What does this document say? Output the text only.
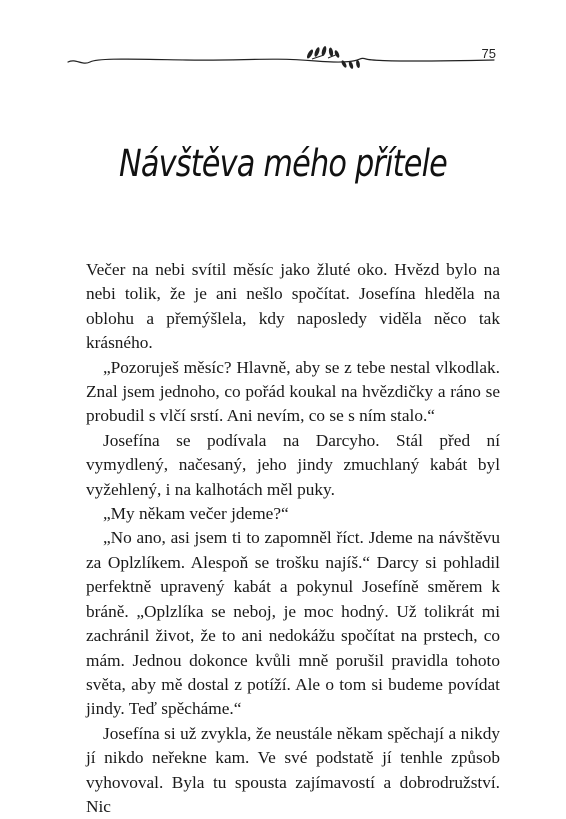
75
Návštěva mého přítele

Večer na nebi svítil měsíc jako žluté oko. Hvězd bylo na nebi tolik, že je ani nešlo spočítat. Josefína hleděla na oblohu a přemýšlela, kdy naposledy viděla něco tak krásného.

„Pozoruješ měsíc? Hlavně, aby se z tebe nestal vlkodlak. Znal jsem jednoho, co pořád koukal na hvězdičky a ráno se probudil s vlčí srstí. Ani nevím, co se s ním stalo.“

Josefína se podívala na Darcyho. Stál před ní vymydlený, načesaný, jeho jindy zmuchlaný kabát byl vyžehlený, i na kalhotách měl puky.

„My někam večer jdeme?“

„No ano, asi jsem ti to zapomněl říct. Jdeme na návštěvu za Oplzlíkem. Alespoň se trošku najíš.“ Darcy si pohladil perfektně upravený kabát a pokynul Josefíně směrem k bráně. „Oplzlíka se neboj, je moc hodný. Už tolikrát mi zachránil život, že to ani nedokážu spočítat na prstech, co mám. Jednou dokonce kvůli mně porušil pravidla tohoto světa, aby mě dostal z potíží. Ale o tom si budeme povídat jindy. Teď spěcháme.“

Josefína si už zvykla, že neustále někam spěchají a nikdy jí nikdo neřekne kam. Ve své podstatě jí tenhle způsob vyhovoval. Byla tu spousta zajímavostí a dobrodružství. Nic
